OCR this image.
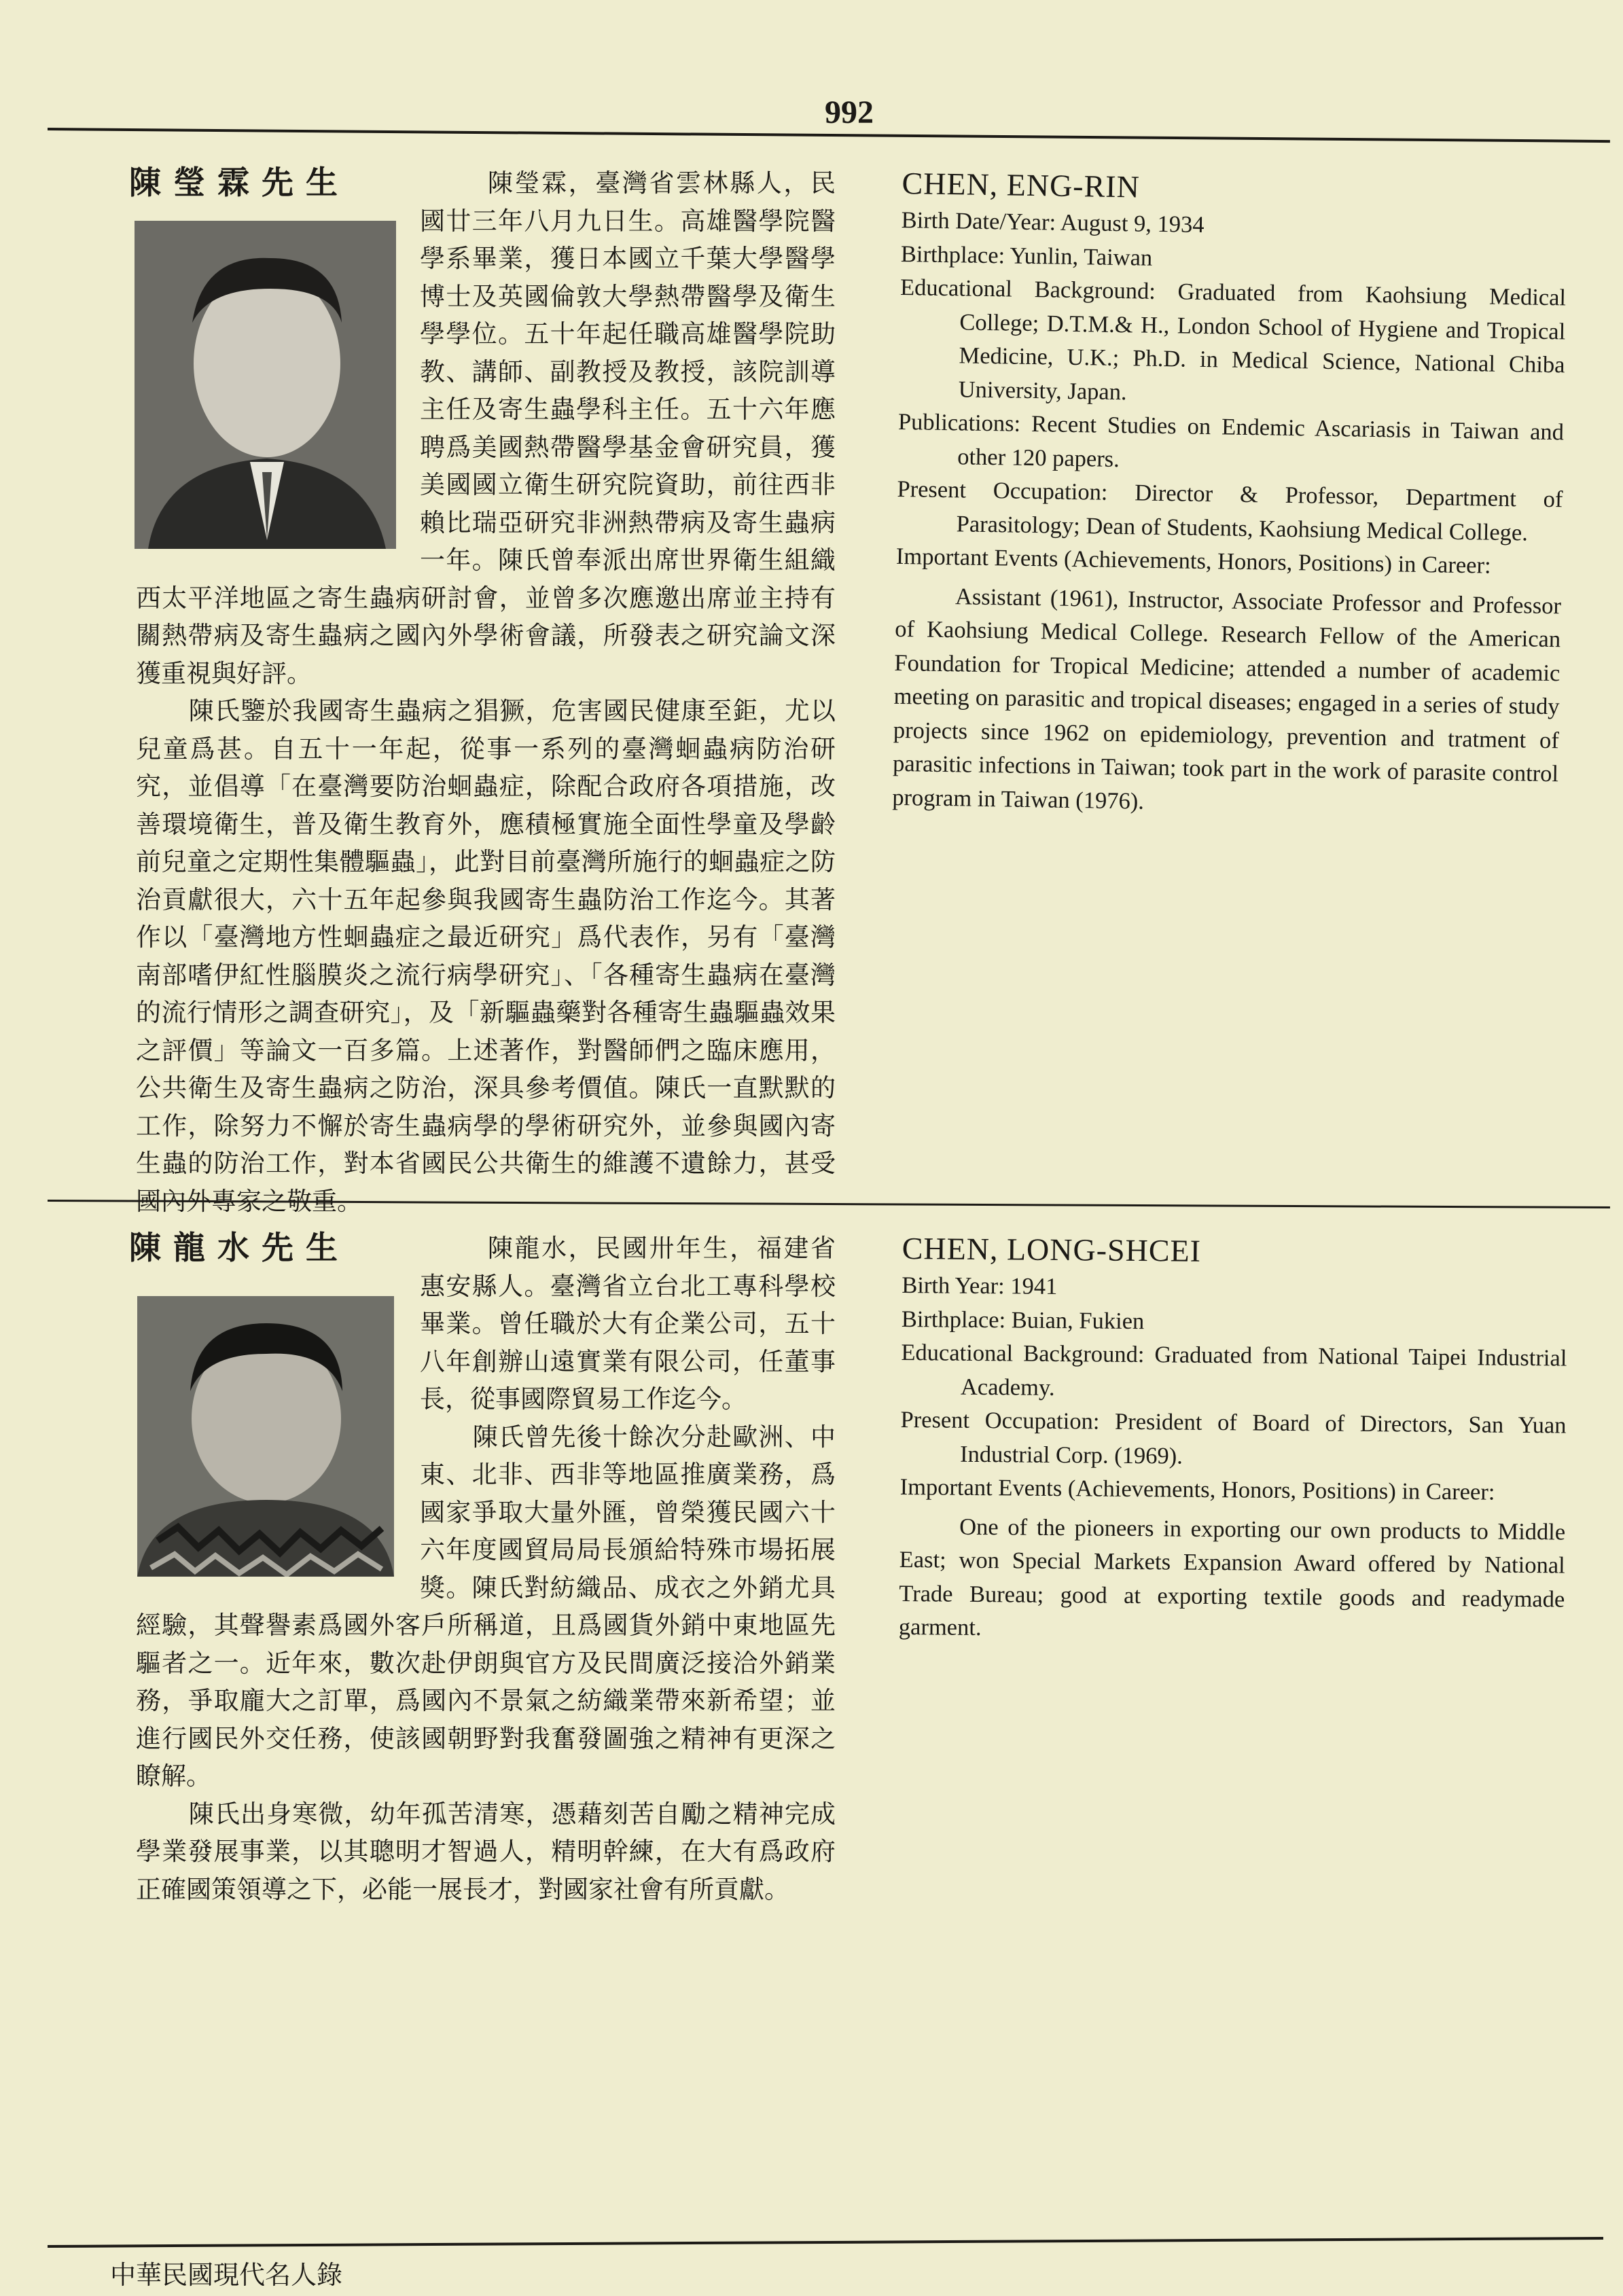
992
陳瑩霖先生	陳瑩霖，臺灣省雲林縣人，民國廿三年八月九日生。高雄醫學院醫學系畢業，獲日本國立千葉大學醫學博士及英國倫敦大學熱帶醫學及衛生學學位。五十年起任職高雄醫學院助教、講師、副教授及教授，該院訓導主任及寄生蟲學科主任。五十六年應聘爲美國熱帶醫學基金會研究員，獲美國國立衛生研究院資助，前往西非賴比瑞亞研究非洲熱帶病及寄生蟲病一年。陳氏曾奉派出席世界衛生組織西太平洋地區之寄生蟲病研討會，並曾多次應邀出席並主持有關熱帶病及寄生蟲病之國內外學術會議，所發表之研究論文深獲重視與好評。

陳氏鑒於我國寄生蟲病之猖獗，危害國民健康至鉅，尤以兒童爲甚。自五十一年起，從事一系列的臺灣蛔蟲病防治研究，並倡導「在臺灣要防治蛔蟲症，除配合政府各項措施，改善環境衛生，普及衛生教育外，應積極實施全面性學童及學齡前兒童之定期性集體驅蟲」，此對目前臺灣所施行的蛔蟲症之防治貢獻很大，六十五年起參與我國寄生蟲防治工作迄今。其著作以「臺灣地方性蛔蟲症之最近研究」爲代表作，另有「臺灣南部嗜伊紅性腦膜炎之流行病學研究」、「各種寄生蟲病在臺灣的流行情形之調查研究」，及「新驅蟲藥對各種寄生蟲驅蟲效果之評價」等論文一百多篇。上述著作，對醫師們之臨床應用，公共衛生及寄生蟲病之防治，深具參考價值。陳氏一直默默的工作，除努力不懈於寄生蟲病學的學術研究外，並參與國內寄生蟲的防治工作，對本省國民公共衛生的維護不遺餘力，甚受國內外專家之敬重。

CHEN, ENG-RIN

Birth Date/Year: August 9, 1934

Birthplace: Yunlin, Taiwan

Educational Background: Graduated from Kaohsiung Medical College; D.T.M.& H., London School of Hygiene and Tropical Medicine, U.K.; Ph.D. in Medical Science, National Chiba University, Japan.

Publications: Recent Studies on Endemic Ascariasis in Taiwan and other 120 papers.

Present Occupation: Director & Professor, Department of Parasitology; Dean of Students, Kaohsiung Medical College.

Important Events (Achievements, Honors, Positions) in Career:

Assistant (1961), Instructor, Associate Professor and Professor of Kaohsiung Medical College. Research Fellow of the American Foundation for Tropical Medicine; attended a number of academic meeting on parasitic and tropical diseases; engaged in a series of study projects since 1962 on epidemiology, prevention and tratment of parasitic infections in Taiwan; took part in the work of parasite control program in Taiwan (1976).

陳龍水先生	陳龍水，民國卅年生，福建省惠安縣人。臺灣省立台北工專科學校畢業。曾任職於大有企業公司，五十八年創辦山遠實業有限公司，任董事長，從事國際貿易工作迄今。

陳氏曾先後十餘次分赴歐洲、中東、北非、西非等地區推廣業務，爲國家爭取大量外匯，曾榮獲民國六十六年度國貿局局長頒給特殊市場拓展獎。陳氏對紡織品、成衣之外銷尤具經驗，其聲譽素爲國外客戶所稱道，且爲國貨外銷中東地區先驅者之一。近年來，數次赴伊朗與官方及民間廣泛接洽外銷業務，爭取龐大之訂單，爲國內不景氣之紡織業帶來新希望；並進行國民外交任務，使該國朝野對我奮發圖強之精神有更深之瞭解。

陳氏出身寒微，幼年孤苦清寒，憑藉刻苦自勵之精神完成學業發展事業，以其聰明才智過人，精明幹練，在大有爲政府正確國策領導之下，必能一展長才，對國家社會有所貢獻。

CHEN, LONG-SHCEI

Birth Year: 1941

Birthplace: Buian, Fukien

Educational Background: Graduated from National Taipei Industrial Academy.

Present Occupation: President of Board of Directors, San Yuan Industrial Corp. (1969).

Important Events (Achievements, Honors, Positions) in Career:

One of the pioneers in exporting our own products to Middle East; won Special Markets Expansion Award offered by National Trade Bureau; good at exporting textile goods and readymade garment.

中華民國現代名人錄
